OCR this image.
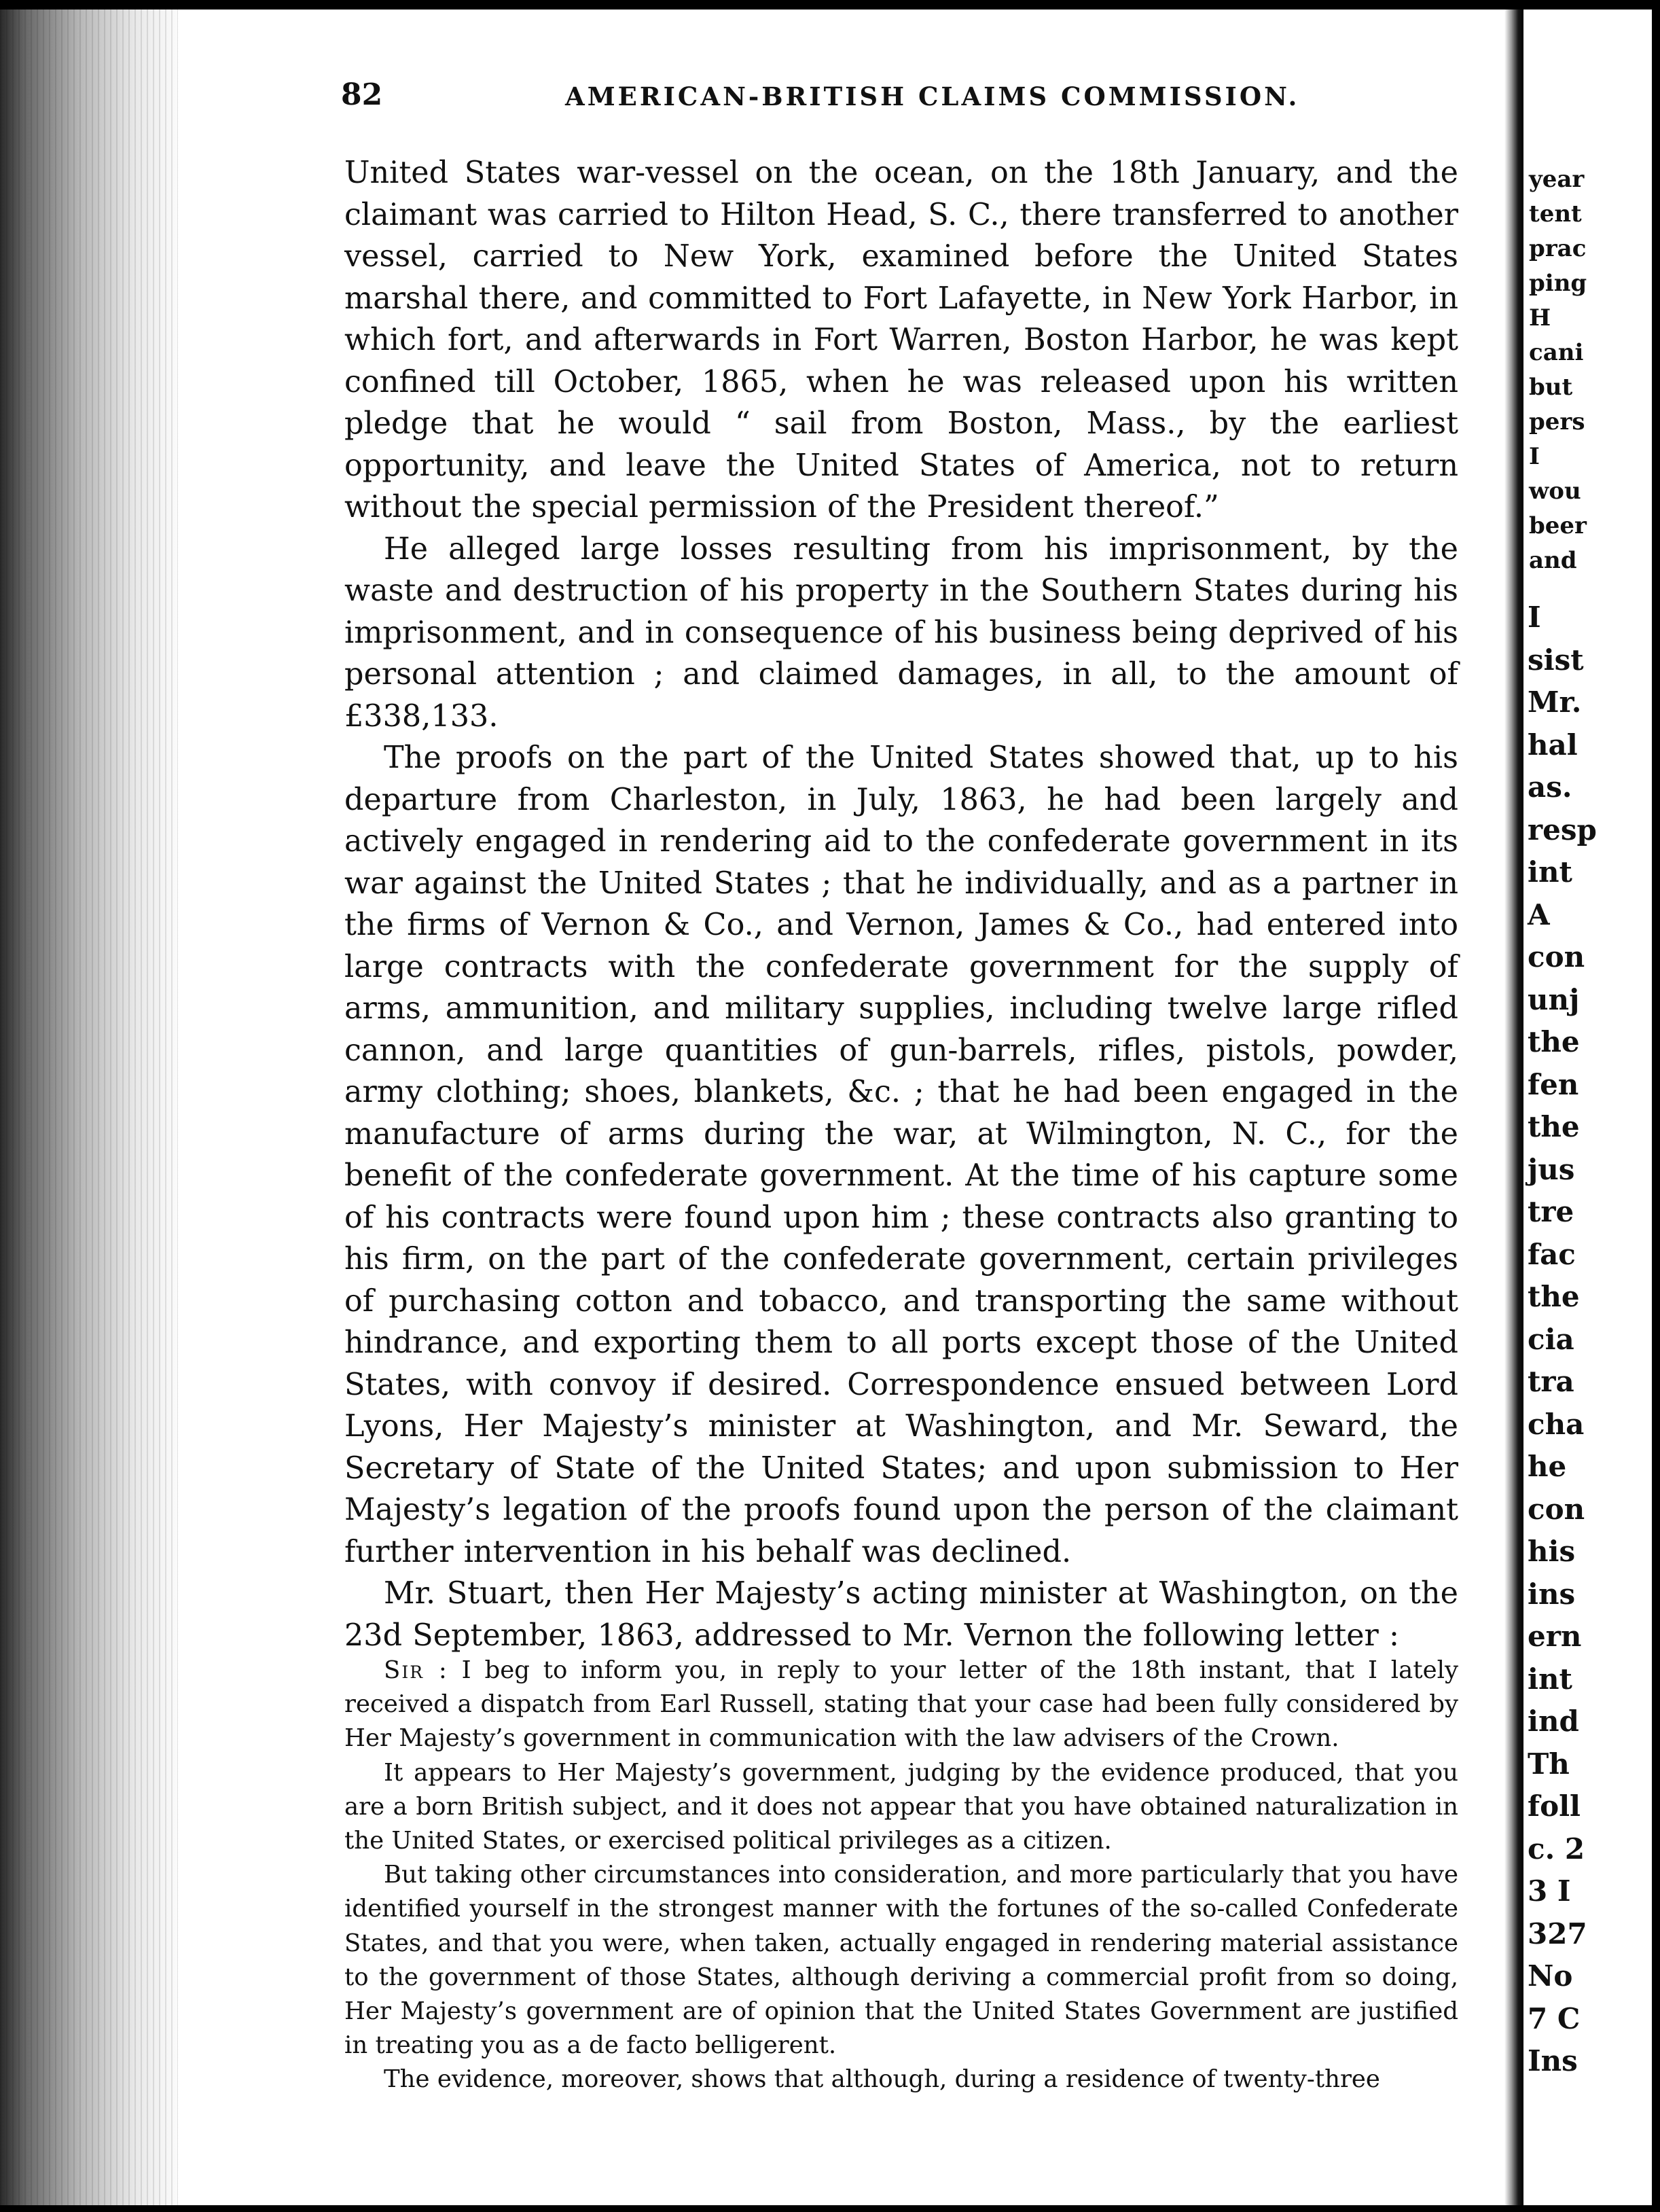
82	AMERICAN-BRITISH CLAIMS COMMISSION.

United States war-vessel on the ocean, on the 18th January, and the claimant was carried to Hilton Head, S. C., there transferred to another vessel, carried to New York, examined before the United States marshal there, and committed to Fort Lafayette, in New York Harbor, in which fort, and afterwards in Fort Warren, Boston Harbor, he was kept confined till October, 1865, when he was released upon his written pledge that he would “ sail from Boston, Mass., by the earliest opportunity, and leave the United States of America, not to return without the special permission of the President thereof.”

He alleged large losses resulting from his imprisonment, by the waste and destruction of his property in the Southern States during his imprisonment, and in consequence of his business being deprived of his personal attention ; and claimed damages, in all, to the amount of £338,133.

The proofs on the part of the United States showed that, up to his departure from Charleston, in July, 1863, he had been largely and actively engaged in rendering aid to the confederate government in its war against the United States ; that he individually, and as a partner in the firms of Vernon & Co., and Vernon, James & Co., had entered into large contracts with the confederate government for the supply of arms, ammunition, and military supplies, including twelve large rifled cannon, and large quantities of gun-barrels, rifles, pistols, powder, army clothing; shoes, blankets, &c. ; that he had been engaged in the manufacture of arms during the war, at Wilmington, N. C., for the benefit of the confederate government. At the time of his capture some of his contracts were found upon him ; these contracts also granting to his firm, on the part of the confederate government, certain privileges of purchasing cotton and tobacco, and transporting the same without hindrance, and exporting them to all ports except those of the United States, with convoy if desired. Correspondence ensued between Lord Lyons, Her Majesty’s minister at Washington, and Mr. Seward, the Secretary of State of the United States; and upon submission to Her Majesty’s legation of the proofs found upon the person of the claimant further intervention in his behalf was declined.

Mr. Stuart, then Her Majesty’s acting minister at Washington, on the 23d September, 1863, addressed to Mr. Vernon the following letter :

Sir : I beg to inform you, in reply to your letter of the 18th instant, that I lately received a dispatch from Earl Russell, stating that your case had been fully considered by Her Majesty’s government in communication with the law advisers of the Crown.

It appears to Her Majesty’s government, judging by the evidence produced, that you are a born British subject, and it does not appear that you have obtained naturalization in the United States, or exercised political privileges as a citizen.

But taking other circumstances into consideration, and more particularly that you have identified yourself in the strongest manner with the fortunes of the so-called Confederate States, and that you were, when taken, actually engaged in rendering material assistance to the government of those States, although deriving a commercial profit from so doing, Her Majesty’s government are of opinion that the United States Government are justified in treating you as a de facto belligerent.

The evidence, moreover, shows that although, during a residence of twenty-three

year
tent
prac
ping
H
cani
but
pers
I
wou
beer
and
I
sist
Mr.
hal
as.
resp
int
A
con
unj
the
fen
the
jus
tre
fac
the
cia
tra
cha
he
con
his
ins
ern
int
ind
Th
foll
c. 2
3 I
327
No
7 C
Ins
